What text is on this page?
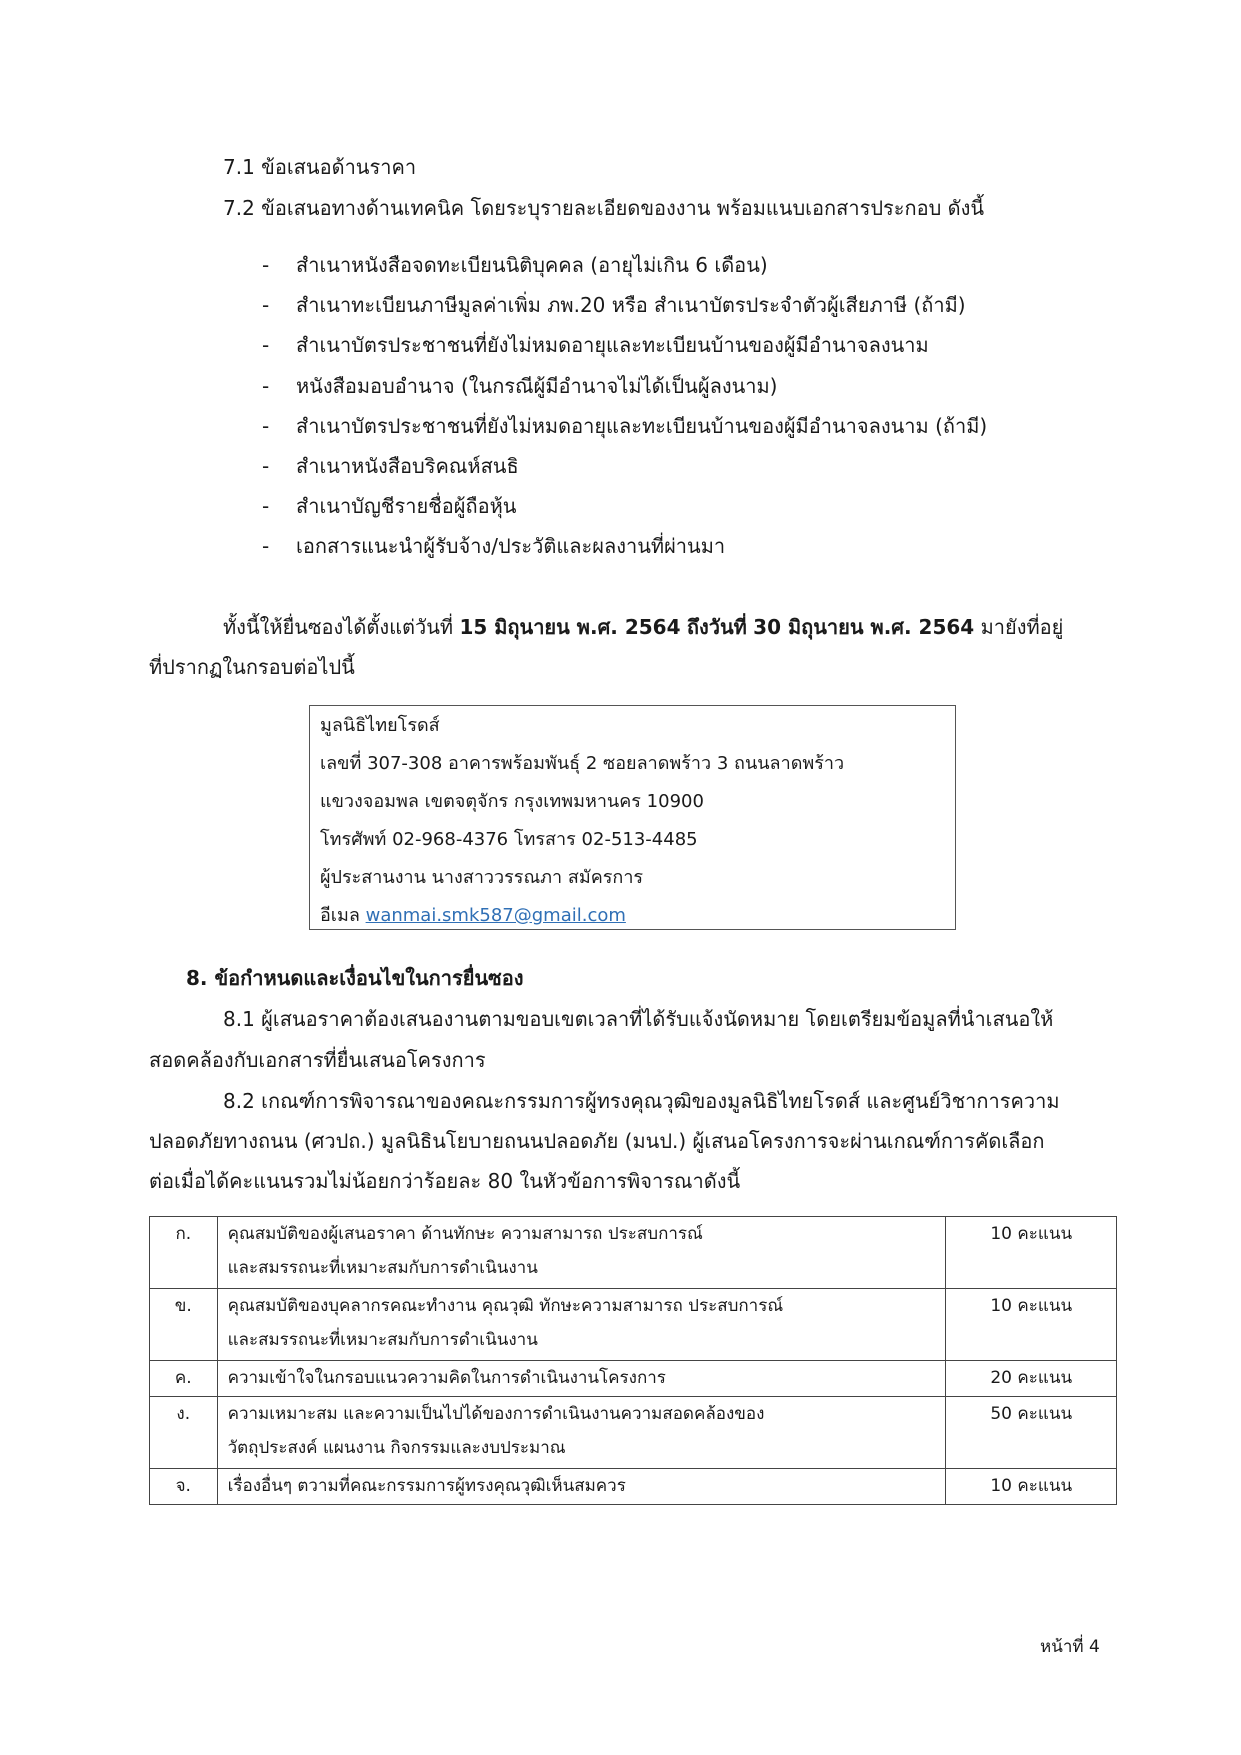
7.1 ข้อเสนอด้านราคา
7.2 ข้อเสนอทางด้านเทคนิค โดยระบุรายละเอียดของงาน พร้อมแนบเอกสารประกอบ ดังนี้
- สำเนาหนังสือจดทะเบียนนิติบุคคล (อายุไม่เกิน 6 เดือน)
- สำเนาทะเบียนภาษีมูลค่าเพิ่ม ภพ.20 หรือ สำเนาบัตรประจำตัวผู้เสียภาษี (ถ้ามี)
- สำเนาบัตรประชาชนที่ยังไม่หมดอายุและทะเบียนบ้านของผู้มีอำนาจลงนาม
- หนังสือมอบอำนาจ (ในกรณีผู้มีอำนาจไม่ได้เป็นผู้ลงนาม)
- สำเนาบัตรประชาชนที่ยังไม่หมดอายุและทะเบียนบ้านของผู้มีอำนาจลงนาม (ถ้ามี)
- สำเนาหนังสือบริคณห์สนธิ
- สำเนาบัญชีรายชื่อผู้ถือหุ้น
- เอกสารแนะนำผู้รับจ้าง/ประวัติและผลงานที่ผ่านมา
ทั้งนี้ให้ยื่นซองได้ตั้งแต่วันที่ 15 มิถุนายน พ.ศ. 2564 ถึงวันที่ 30 มิถุนายน พ.ศ. 2564 มายังที่อยู่
ที่ปรากฏในกรอบต่อไปนี้
มูลนิธิไทยโรดส์
เลขที่ 307-308 อาคารพร้อมพันธุ์ 2 ซอยลาดพร้าว 3 ถนนลาดพร้าว
แขวงจอมพล เขตจตุจักร กรุงเทพมหานคร 10900
โทรศัพท์ 02-968-4376 โทรสาร 02-513-4485
ผู้ประสานงาน นางสาววรรณภา สมัครการ
อีเมล wanmai.smk587@gmail.com
8. ข้อกำหนดและเงื่อนไขในการยื่นซอง
8.1 ผู้เสนอราคาต้องเสนองานตามขอบเขตเวลาที่ได้รับแจ้งนัดหมาย โดยเตรียมข้อมูลที่นำเสนอให้
สอดคล้องกับเอกสารที่ยื่นเสนอโครงการ
8.2 เกณฑ์การพิจารณาของคณะกรรมการผู้ทรงคุณวุฒิของมูลนิธิไทยโรดส์ และศูนย์วิชาการความ
ปลอดภัยทางถนน (ศวปถ.) มูลนิธินโยบายถนนปลอดภัย (มนป.) ผู้เสนอโครงการจะผ่านเกณฑ์การคัดเลือก
ต่อเมื่อได้คะแนนรวมไม่น้อยกว่าร้อยละ 80 ในหัวข้อการพิจารณาดังนี้
ก.	คุณสมบัติของผู้เสนอราคา ด้านทักษะ ความสามารถ ประสบการณ์
และสมรรถนะที่เหมาะสมกับการดำเนินงาน	10 คะแนน
ข.	คุณสมบัติของบุคลากรคณะทำงาน คุณวุฒิ ทักษะความสามารถ ประสบการณ์
และสมรรถนะที่เหมาะสมกับการดำเนินงาน	10 คะแนน
ค.	ความเข้าใจในกรอบแนวความคิดในการดำเนินงานโครงการ	20 คะแนน
ง.	ความเหมาะสม และความเป็นไปได้ของการดำเนินงานความสอดคล้องของ
วัตถุประสงค์ แผนงาน กิจกรรมและงบประมาณ	50 คะแนน
จ.	เรื่องอื่นๆ ตวามที่คณะกรรมการผู้ทรงคุณวุฒิเห็นสมควร	10 คะแนน
หน้าที่ 4
